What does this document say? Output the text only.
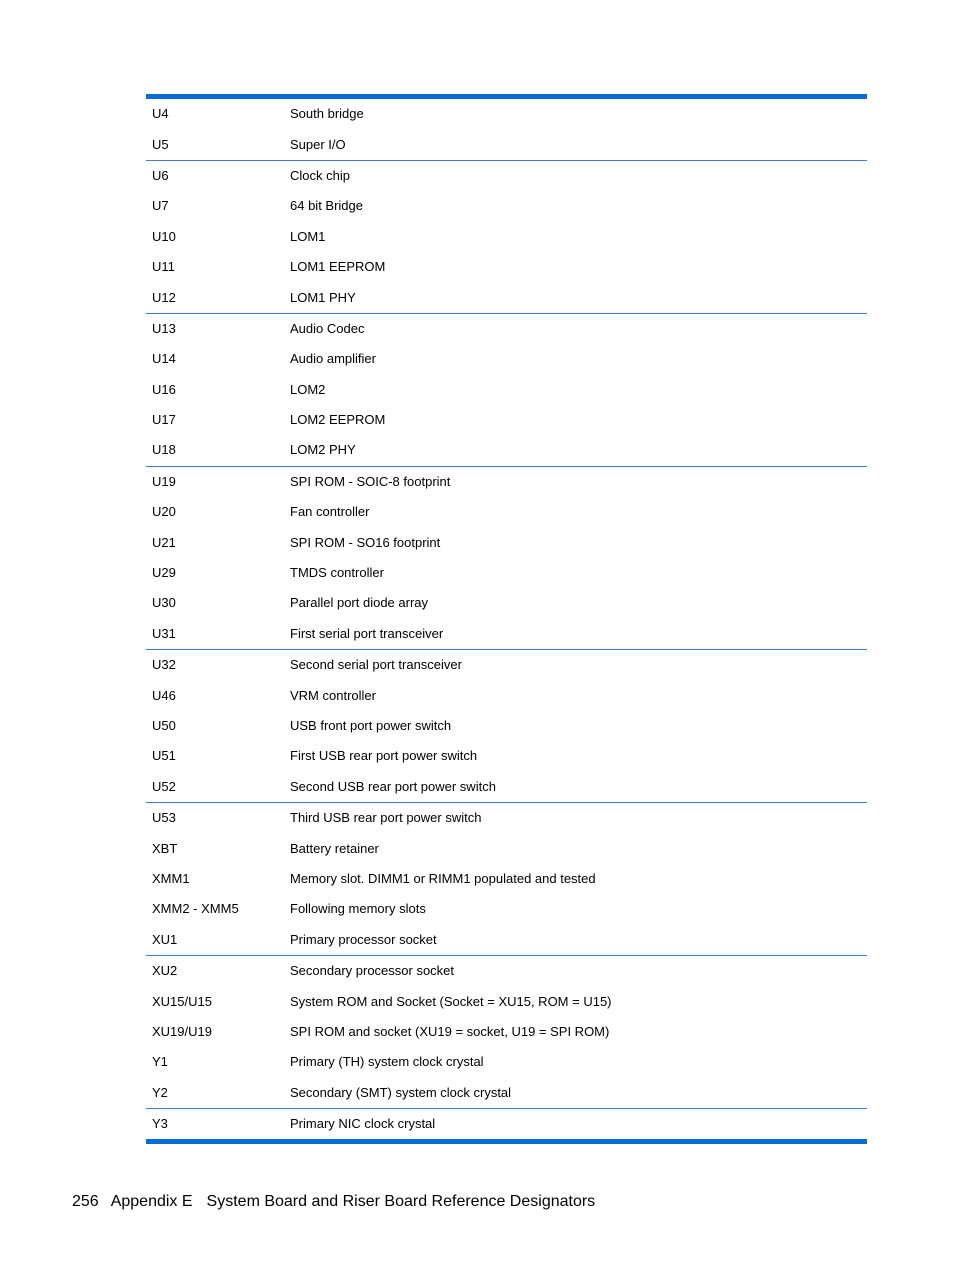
U4	South bridge
U5	Super I/O
U6	Clock chip
U7	64 bit Bridge
U10	LOM1
U11	LOM1 EEPROM
U12	LOM1 PHY
U13	Audio Codec
U14	Audio amplifier
U16	LOM2
U17	LOM2 EEPROM
U18	LOM2 PHY
U19	SPI ROM - SOIC-8 footprint
U20	Fan controller
U21	SPI ROM - SO16 footprint
U29	TMDS controller
U30	Parallel port diode array
U31	First serial port transceiver
U32	Second serial port transceiver
U46	VRM controller
U50	USB front port power switch
U51	First USB rear port power switch
U52	Second USB rear port power switch
U53	Third USB rear port power switch
XBT	Battery retainer
XMM1	Memory slot. DIMM1 or RIMM1 populated and tested
XMM2 - XMM5	Following memory slots
XU1	Primary processor socket
XU2	Secondary processor socket
XU15/U15	System ROM and Socket (Socket = XU15, ROM = U15)
XU19/U19	SPI ROM and socket (XU19 = socket, U19 = SPI ROM)
Y1	Primary (TH) system clock crystal
Y2	Secondary (SMT) system clock crystal
Y3	Primary NIC clock crystal
256 Appendix E System Board and Riser Board Reference Designators
